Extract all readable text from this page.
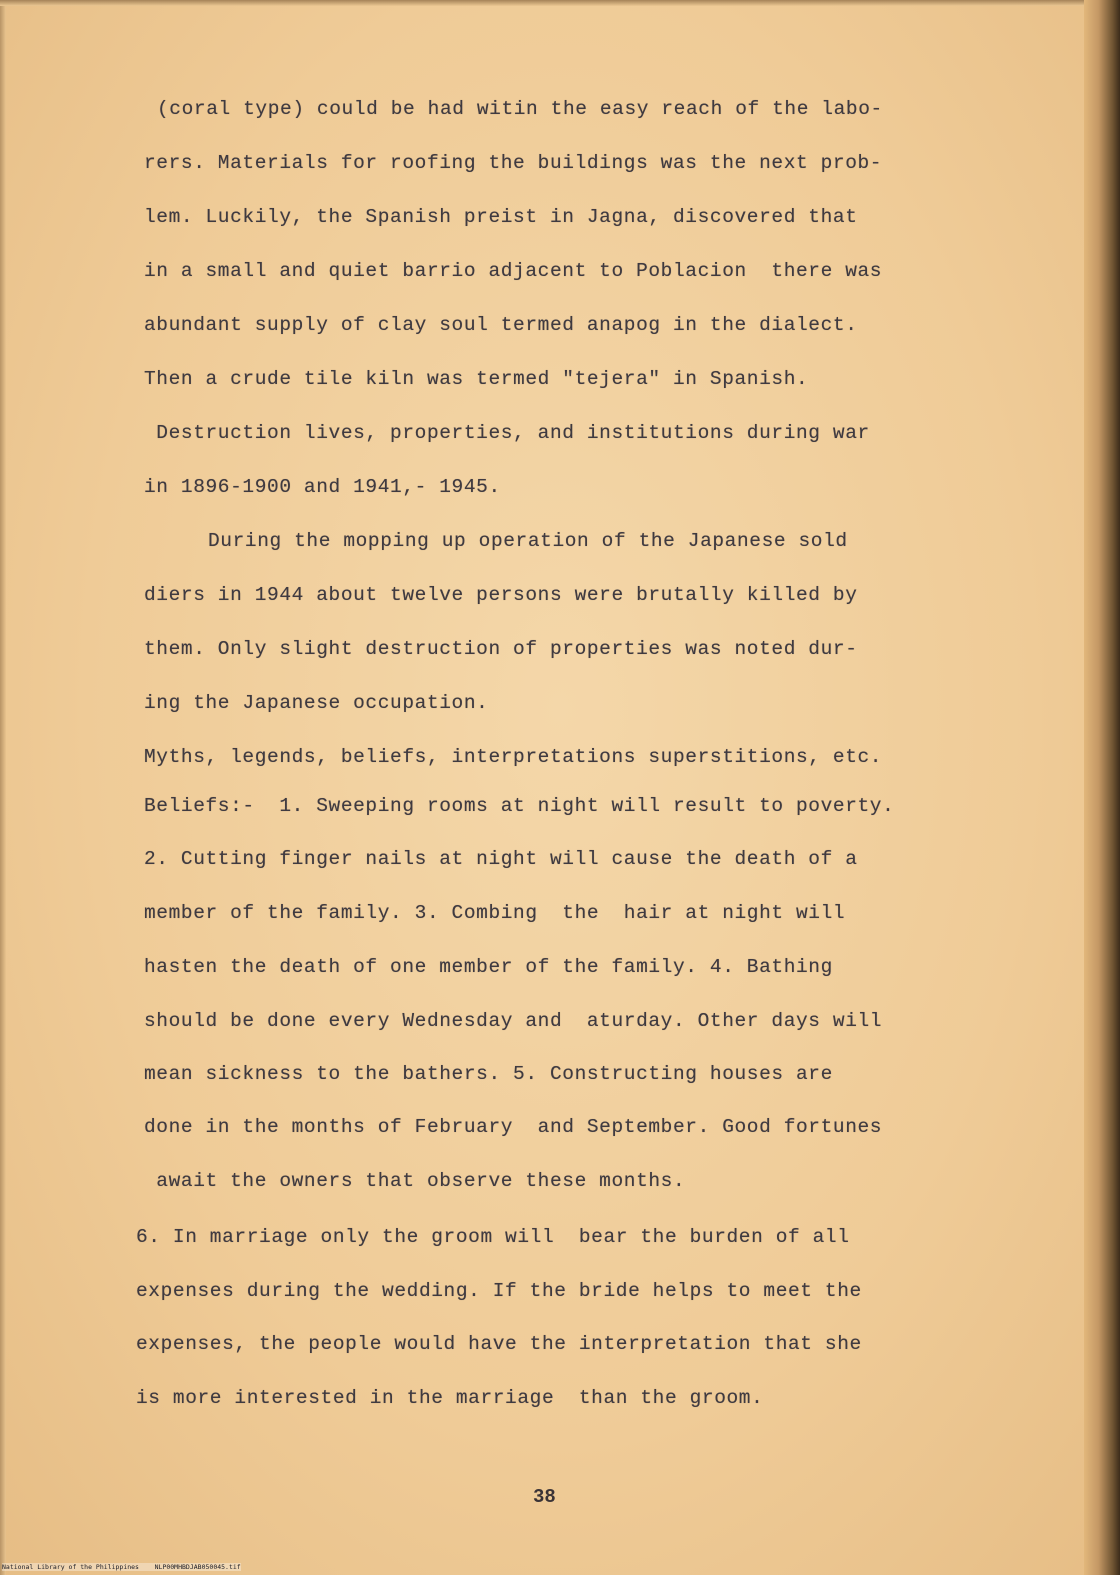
(coral type) could be had witin the easy reach of the labo-
rers. Materials for roofing the buildings was the next prob-
lem. Luckily, the Spanish preist in Jagna, discovered that
in a small and quiet barrio adjacent to Poblacion  there was
abundant supply of clay soul termed anapog in the dialect.
Then a crude tile kiln was termed "tejera" in Spanish.
Destruction lives, properties, and institutions during war
in 1896-1900 and 1941,- 1945.
During the mopping up operation of the Japanese sold
diers in 1944 about twelve persons were brutally killed by
them. Only slight destruction of properties was noted dur-
ing the Japanese occupation.
Myths, legends, beliefs, interpretations superstitions, etc.
Beliefs:-  1. Sweeping rooms at night will result to poverty.
2. Cutting finger nails at night will cause the death of a
member of the family. 3. Combing  the  hair at night will
hasten the death of one member of the family. 4. Bathing
should be done every Wednesday and  aturday. Other days will
mean sickness to the bathers. 5. Constructing houses are
done in the months of February  and September. Good fortunes
await the owners that observe these months.
6. In marriage only the groom will  bear the burden of all
expenses during the wedding. If the bride helps to meet the
expenses, the people would have the interpretation that she
is more interested in the marriage  than the groom.
38
National Library of the Philippines    NLP00MHBDJAB050045.tif
